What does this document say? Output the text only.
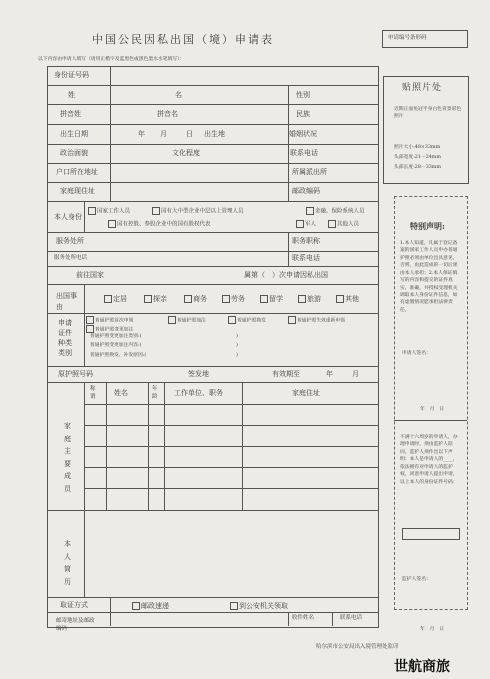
中国公民因私出国（境）申请表	申请编号条形码
以下内容由申请人填写（请用正楷字及蓝黑色或黑色墨水水笔填写）：
身份证号码
姓	名	性别
拼音姓	拼音名	民族
出生日期	年 月	日 出生地	婚姻状况
政治面貌	文化程度	联系电话
户口所在地址	所属派出所
家庭现住址	邮政编码
本人身份
国家工作人员	国有大中型企业中层以上管理人员	金融、保险系统人员
国有控股、参股企业中的国有股权代表	军人	其他人员
服务处所	职务职称
服务处所电话	联系电话
前往国家	属第（　）次申请因私出国
出国事由
定居	探亲	商务	劳务	留学	旅游	其他
申请证件种类类别
普通护照首次申领	普通护照加注	普通护照换发	普通护照失效重新申领
普通护照变更加注
普通护照变更加注类别:(	)
普通护照变更加注内容:(	)
普通护照换发、补发原因:(	)
原护照号码	签发地	有效期至	年	月
家庭主要成员
称谓	姓名	年龄	工作单位、职务	家庭住址
本人简历
取证方式	邮政速递	到公安机关领取
邮寄地址及邮政编码
收件姓名	联系电话
哈尔滨市公安局出入境管理处监印
世航商旅
贴照片处
近期正面免冠半身白色背景彩色照片
照片大小:48×33mm
头部宽度:21－24mm
头部长度:28－33mm
特别声明:
1.本人知道，凡属于登记备案的国家工作人员申办普通护照必须由单位出具意见，否则，由此造成的一切后果由本人承担；2.本人保证填写的内容和提交的证件真实、准确，并授权受理机关调取本人身份证件信息，如有虚假情况愿承担法律责任。
申请人签名：
年　月　日
不满十六周岁的申请人，办理申请时，须由监护人陪同。监护人须作出以下声明：本人是申请人的____，依法拥有对申请人的监护权，同意申请人提出申请，以上本人的身份证件号码：
监护人签名：
年　月　日
